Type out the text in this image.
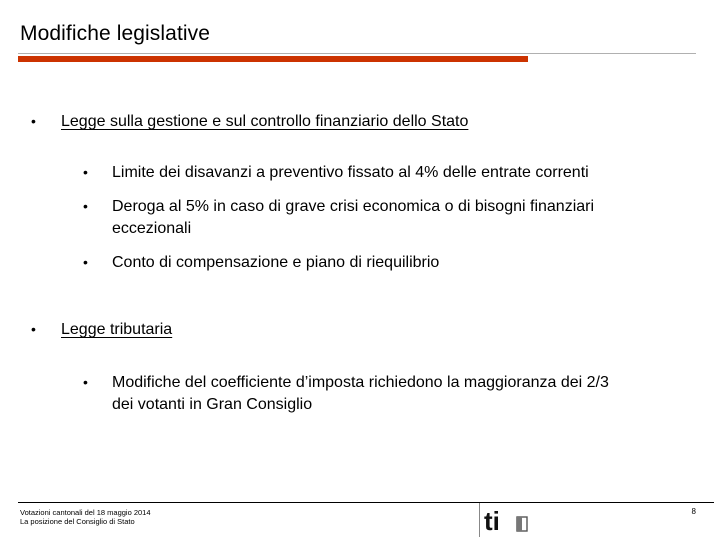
Modifiche legislative
• Legge sulla gestione e sul controllo finanziario dello Stato
• Limite dei disavanzi a preventivo fissato al 4% delle entrate correnti
• Deroga al 5% in caso di grave crisi economica o di bisogni finanziari
eccezionali
• Conto di compensazione e piano di riequilibrio
• Legge tributaria
• Modifiche del coefficiente d’imposta richiedono la maggioranza dei 2/3
dei votanti in Gran Consiglio
Votazioni cantonali del 18 maggio 2014
La posizione del Consiglio di Stato	ti	8
